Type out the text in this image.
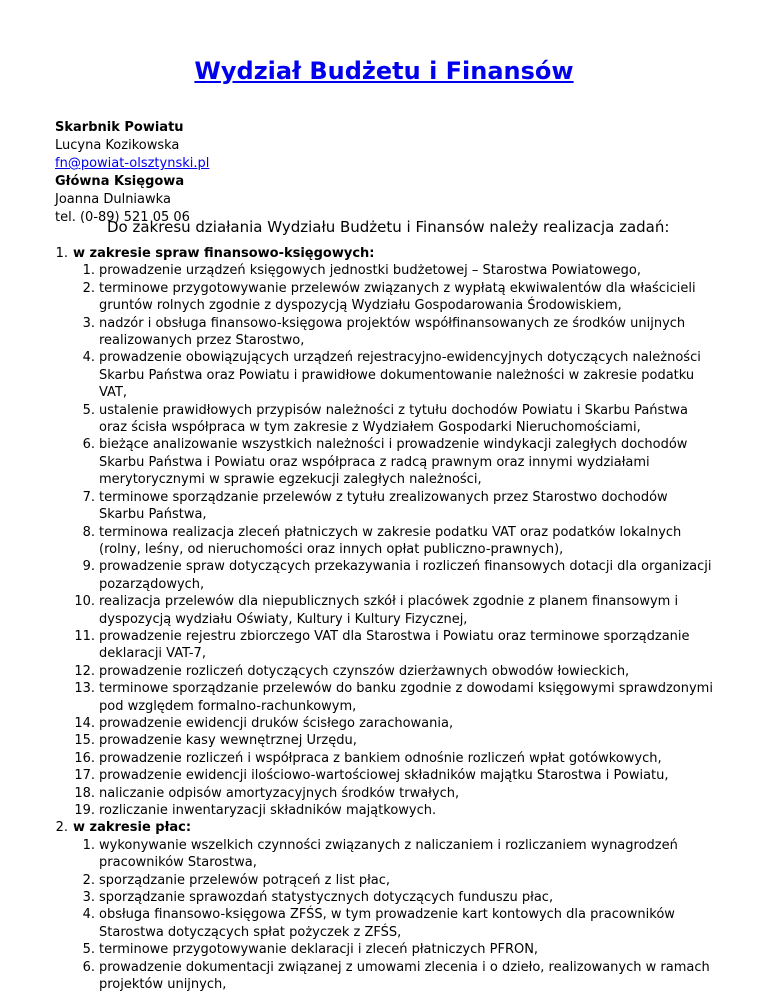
Wydział Budżetu i Finansów
Skarbnik Powiatu
Lucyna Kozikowska
fn@powiat-olsztynski.pl
Główna Księgowa
Joanna Dulniawka
tel. (0-89) 521 05 06
Do zakresu działania Wydziału Budżetu i Finansów należy realizacja zadań:
1. w zakresie spraw finansowo-księgowych:
1. prowadzenie urządzeń księgowych jednostki budżetowej – Starostwa Powiatowego,
2. terminowe przygotowywanie przelewów związanych z wypłatą ekwiwalentów dla właścicieli gruntów rolnych zgodnie z dyspozycją Wydziału Gospodarowania Środowiskiem,
3. nadzór i obsługa finansowo-księgowa projektów współfinansowanych ze środków unijnych realizowanych przez Starostwo,
4. prowadzenie obowiązujących urządzeń rejestracyjno-ewidencyjnych dotyczących należności Skarbu Państwa oraz Powiatu i prawidłowe dokumentowanie należności w zakresie podatku VAT,
5. ustalenie prawidłowych przypisów należności z tytułu dochodów Powiatu i Skarbu Państwa oraz ścisła współpraca w tym zakresie z Wydziałem Gospodarki Nieruchomościami,
6. bieżące analizowanie wszystkich należności i prowadzenie windykacji zaległych dochodów Skarbu Państwa i Powiatu oraz współpraca z radcą prawnym oraz innymi wydziałami merytorycznymi w sprawie egzekucji zaległych należności,
7. terminowe sporządzanie przelewów z tytułu zrealizowanych przez Starostwo dochodów Skarbu Państwa,
8. terminowa realizacja zleceń płatniczych w zakresie podatku VAT oraz podatków lokalnych (rolny, leśny, od nieruchomości oraz innych opłat publiczno-prawnych),
9. prowadzenie spraw dotyczących przekazywania i rozliczeń finansowych dotacji dla organizacji pozarządowych,
10. realizacja przelewów dla niepublicznych szkół i placówek zgodnie z planem finansowym i dyspozycją wydziału Oświaty, Kultury i Kultury Fizycznej,
11. prowadzenie rejestru zbiorczego VAT dla Starostwa i Powiatu oraz terminowe sporządzanie deklaracji VAT-7,
12. prowadzenie rozliczeń dotyczących czynszów dzierżawnych obwodów łowieckich,
13. terminowe sporządzanie przelewów do banku zgodnie z dowodami księgowymi sprawdzonymi pod względem formalno-rachunkowym,
14. prowadzenie ewidencji druków ścisłego zarachowania,
15. prowadzenie kasy wewnętrznej Urzędu,
16. prowadzenie rozliczeń i współpraca z bankiem odnośnie rozliczeń wpłat gotówkowych,
17. prowadzenie ewidencji ilościowo-wartościowej składników majątku Starostwa i Powiatu,
18. naliczanie odpisów amortyzacyjnych środków trwałych,
19. rozliczanie inwentaryzacji składników majątkowych.
2. w zakresie płac:
1. wykonywanie wszelkich czynności związanych z naliczaniem i rozliczaniem wynagrodzeń pracowników Starostwa,
2. sporządzanie przelewów potrąceń z list płac,
3. sporządzanie sprawozdań statystycznych dotyczących funduszu płac,
4. obsługa finansowo-księgowa ZFŚS, w tym prowadzenie kart kontowych dla pracowników Starostwa dotyczących spłat pożyczek z ZFŚS,
5. terminowe przygotowywanie deklaracji i zleceń płatniczych PFRON,
6. prowadzenie dokumentacji związanej z umowami zlecenia i o dzieło, realizowanych w ramach projektów unijnych,
